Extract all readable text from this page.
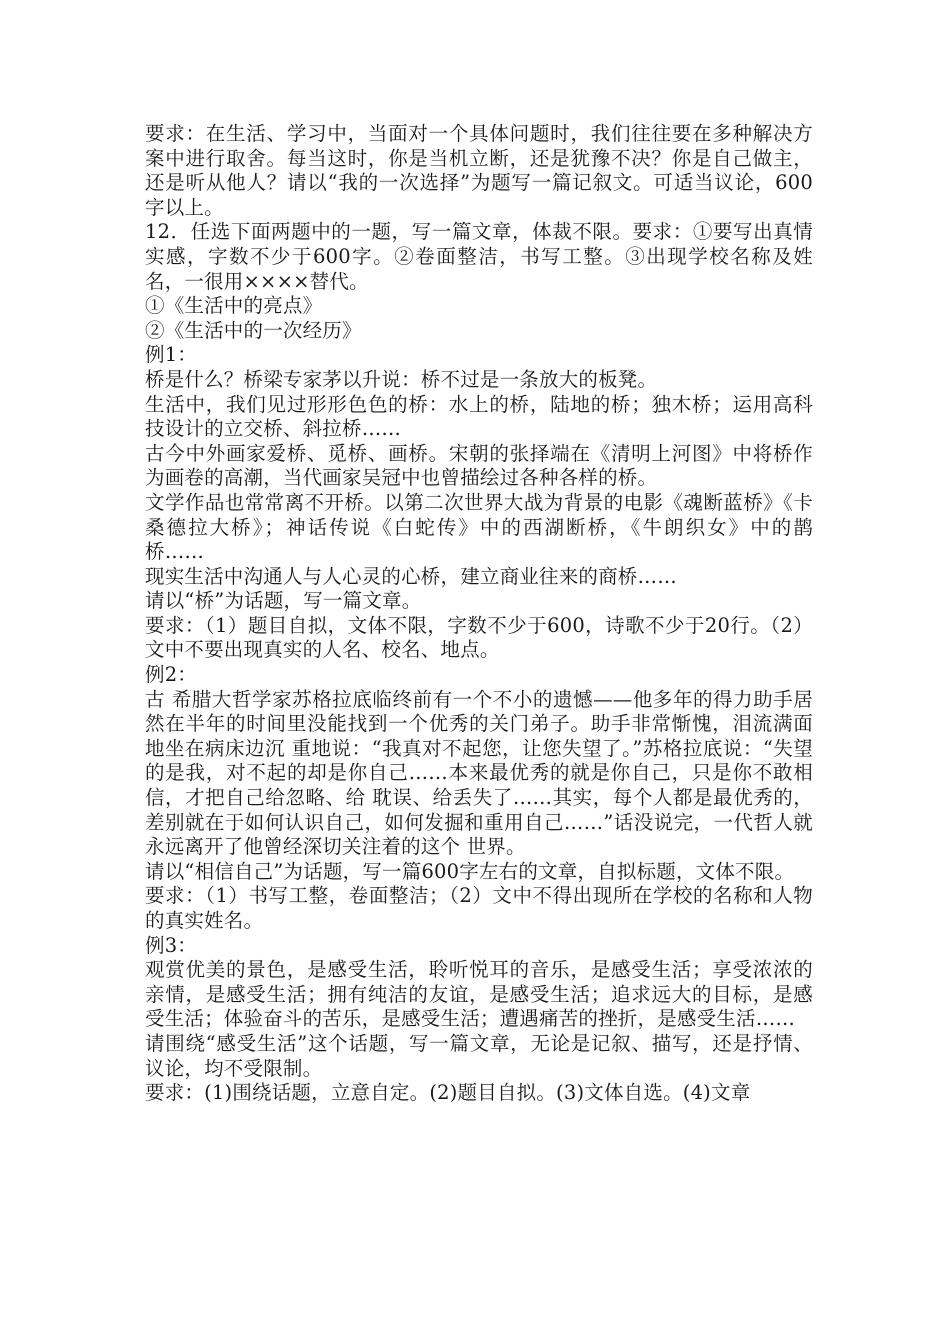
要求：在生活、学习中，当面对一个具体问题时，我们往往要在多种解决方案中进行取舍。每当这时，你是当机立断，还是犹豫不决？你是自己做主，还是听从他人？请以“我的一次选择”为题写一篇记叙文。可适当议论，600字以上。

12．任选下面两题中的一题，写一篇文章，体裁不限。要求：①要写出真情实感，字数不少于600字。②卷面整洁，书写工整。③出现学校名称及姓名，一很用××××替代。

①《生活中的亮点》

②《生活中的一次经历》

例1：

桥是什么？桥梁专家茅以升说：桥不过是一条放大的板凳。

生活中，我们见过形形色色的桥：水上的桥，陆地的桥；独木桥；运用高科技设计的立交桥、斜拉桥……

古今中外画家爱桥、觅桥、画桥。宋朝的张择端在《清明上河图》中将桥作为画卷的高潮，当代画家吴冠中也曾描绘过各种各样的桥。

文学作品也常常离不开桥。以第二次世界大战为背景的电影《魂断蓝桥》《卡桑德拉大桥》；神话传说《白蛇传》中的西湖断桥，《牛朗织女》中的鹊桥……

现实生活中沟通人与人心灵的心桥，建立商业往来的商桥……

请以“桥”为话题，写一篇文章。

要求：（1）题目自拟，文体不限，字数不少于600，诗歌不少于20行。（2）文中不要出现真实的人名、校名、地点。

例2：

古 希腊大哲学家苏格拉底临终前有一个不小的遗憾——他多年的得力助手居然在半年的时间里没能找到一个优秀的关门弟子。助手非常惭愧，泪流满面地坐在病床边沉 重地说：“我真对不起您，让您失望了。”苏格拉底说：“失望的是我，对不起的却是你自己……本来最优秀的就是你自己，只是你不敢相信，才把自己给忽略、给 耽误、给丢失了……其实，每个人都是最优秀的，差别就在于如何认识自己，如何发掘和重用自己……”话没说完，一代哲人就永远离开了他曾经深切关注着的这个 世界。

请以“相信自己”为话题，写一篇600字左右的文章，自拟标题，文体不限。

要求：（1）书写工整，卷面整洁；（2）文中不得出现所在学校的名称和人物的真实姓名。

例3：

观赏优美的景色，是感受生活，聆听悦耳的音乐，是感受生活；享受浓浓的亲情，是感受生活；拥有纯洁的友谊，是感受生活；追求远大的目标，是感受生活；体验奋斗的苦乐，是感受生活；遭遇痛苦的挫折，是感受生活……

请围绕“感受生活”这个话题，写一篇文章，无论是记叙、描写，还是抒情、议论，均不受限制。

要求：(1)围绕话题，立意自定。(2)题目自拟。(3)文体自选。(4)文章
